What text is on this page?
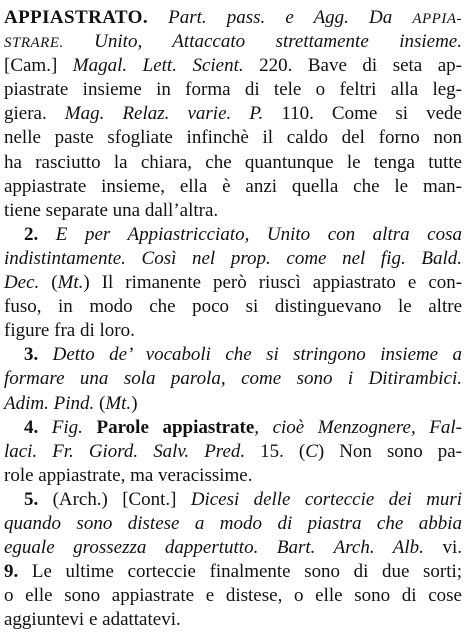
APPIASTRATO. Part. pass. e Agg. Da APPIA-
STRARE. Unito, Attaccato strettamente insieme.
[Cam.] Magal. Lett. Scient. 220. Bave di seta ap-
piastrate insieme in forma di tele o feltri alla leg-
giera. Mag. Relaz. varie. P. 110. Come si vede
nelle paste sfogliate infinchè il caldo del forno non
ha rasciutto la chiara, che quantunque le tenga tutte
appiastrate insieme, ella è anzi quella che le man-
tiene separate una dall’altra.
2. E per Appiastricciato, Unito con altra cosa
indistintamente. Così nel prop. come nel fig. Bald.
Dec. (Mt.) Il rimanente però riuscì appiastrato e con-
fuso, in modo che poco si distinguevano le altre
figure fra di loro.
3. Detto de’ vocaboli che si stringono insieme a
formare una sola parola, come sono i Ditirambici.
Adim. Pind. (Mt.)
4. Fig. Parole appiastrate, cioè Menzognere, Fal-
laci. Fr. Giord. Salv. Pred. 15. (C) Non sono pa-
role appiastrate, ma veracissime.
5. (Arch.) [Cont.] Dicesi delle corteccie dei muri
quando sono distese a modo di piastra che abbia
eguale grossezza dappertutto. Bart. Arch. Alb. vi.
9. Le ultime corteccie finalmente sono di due sorti;
o elle sono appiastrate e distese, o elle sono di cose
aggiuntevi e adattatevi.
